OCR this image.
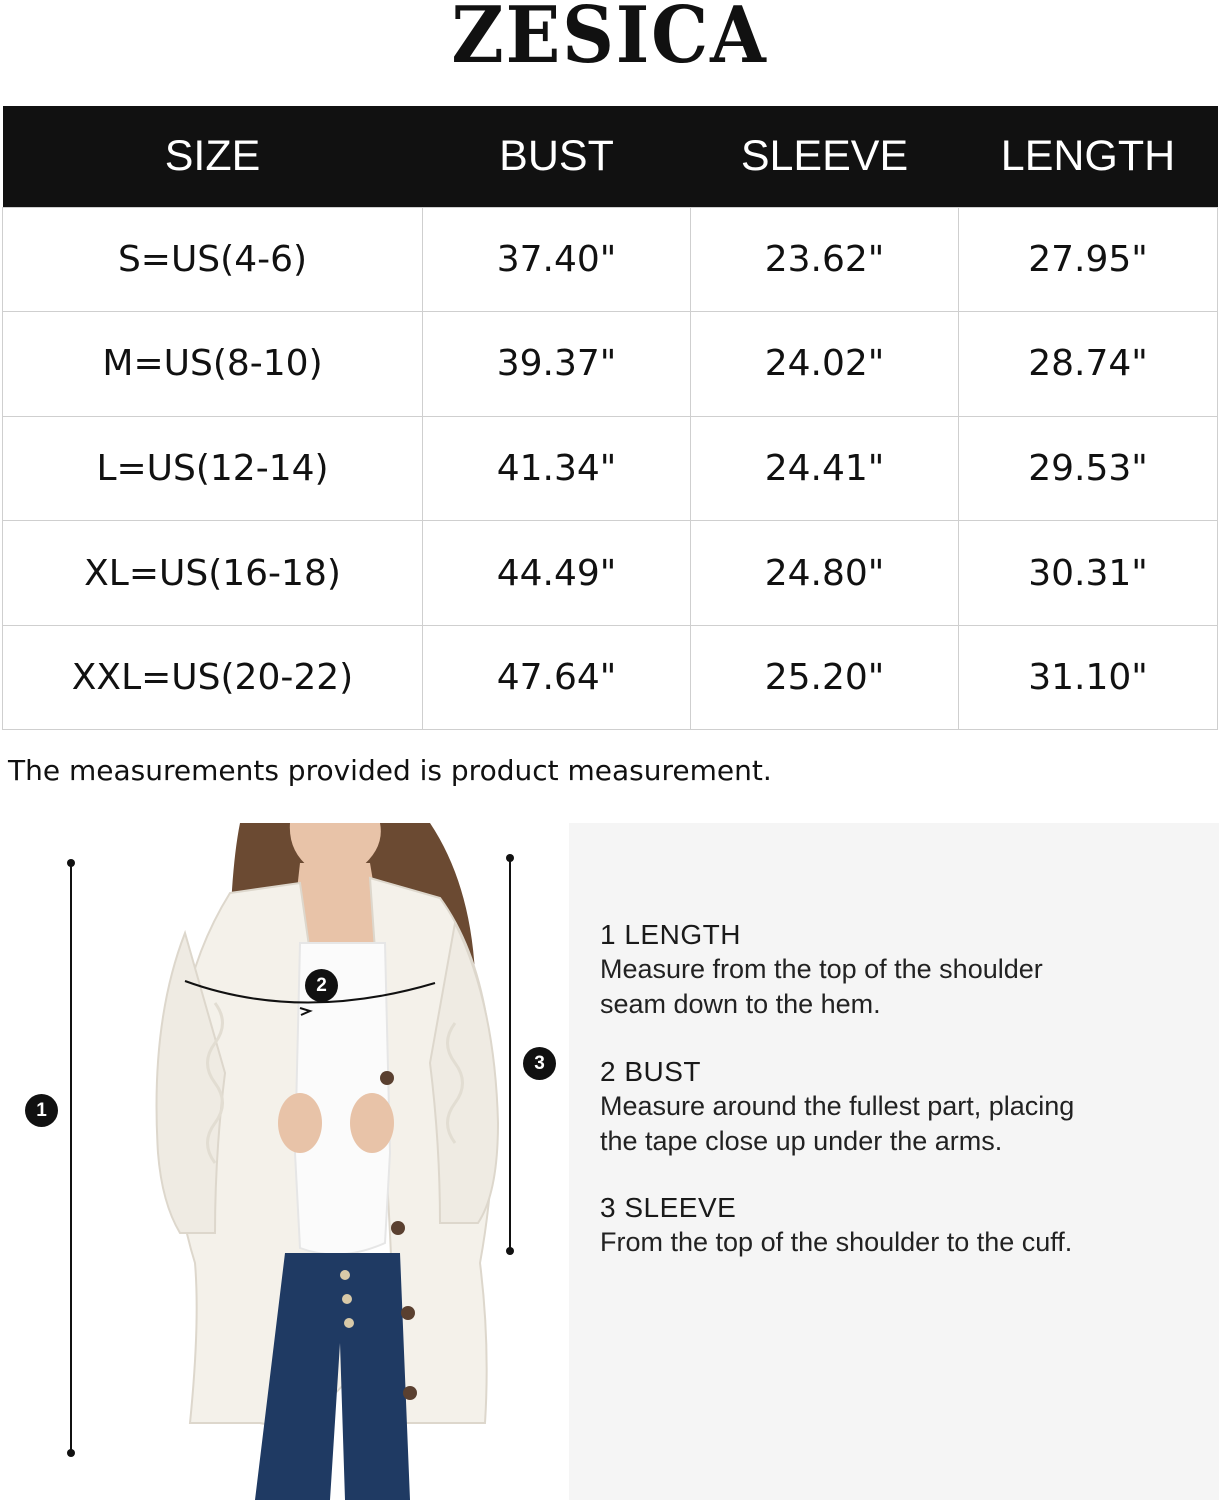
ZESICA
SIZE	BUST	SLEEVE	LENGTH
S=US(4-6)	37.40"	23.62"	27.95"
M=US(8-10)	39.37"	24.02"	28.74"
L=US(12-14)	41.34"	24.41"	29.53"
XL=US(16-18)	44.49"	24.80"	30.31"
XXL=US(20-22)	47.64"	25.20"	31.10"
The measurements provided is product measurement.
1
2
3
1 LENGTH
Measure from the top of the shoulder
seam down to the hem.
2 BUST
Measure around the fullest part, placing
the tape close up under the arms.
3 SLEEVE
From the top of the shoulder to the cuff.
